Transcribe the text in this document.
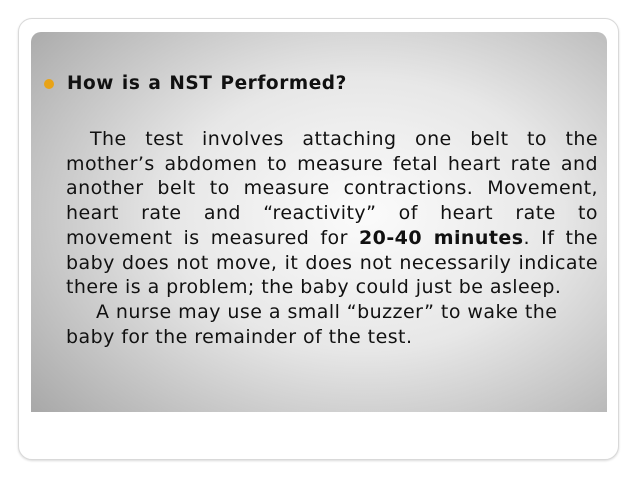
How is a NST Performed?

The test involves attaching one belt to the mother’s abdomen to measure fetal heart rate and another belt to measure contractions. Movement, heart rate and “reactivity” of heart rate to movement is measured for 20-40 minutes. If the baby does not move, it does not necessarily indicate there is a problem; the baby could just be asleep.

A nurse may use a small “buzzer” to wake the baby for the remainder of the test.
